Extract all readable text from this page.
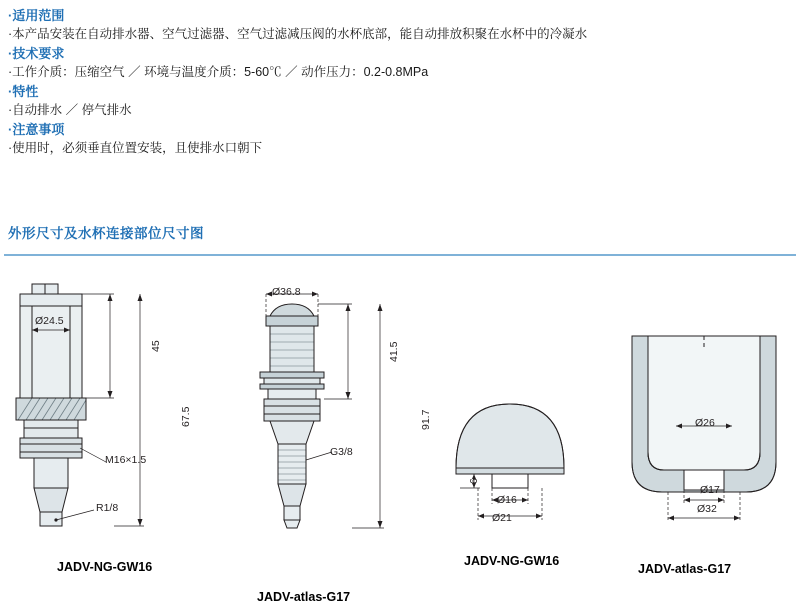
·适用范围

·本产品安装在自动排水器、空气过滤器、空气过滤减压阀的水杯底部，能自动排放积聚在水杯中的冷凝水

·技术要求

·工作介质：压缩空气 ／ 环境与温度介质：5-60℃ ／ 动作压力：0.2-0.8MPa

·特性

·自动排水 ／ 停气排水

·注意事项

·使用时，必须垂直位置安装，且使排水口朝下

外形尺寸及水杯连接部位尺寸图
Ø24.5
45
67.5
M16×1.5
R1/8
JADV-NG-GW16
Ø36.8
41.5
91.7
G3/8
JADV-atlas-G17
6
Ø16
Ø21
JADV-NG-GW16
Ø26
Ø17
Ø32
JADV-atlas-G17
